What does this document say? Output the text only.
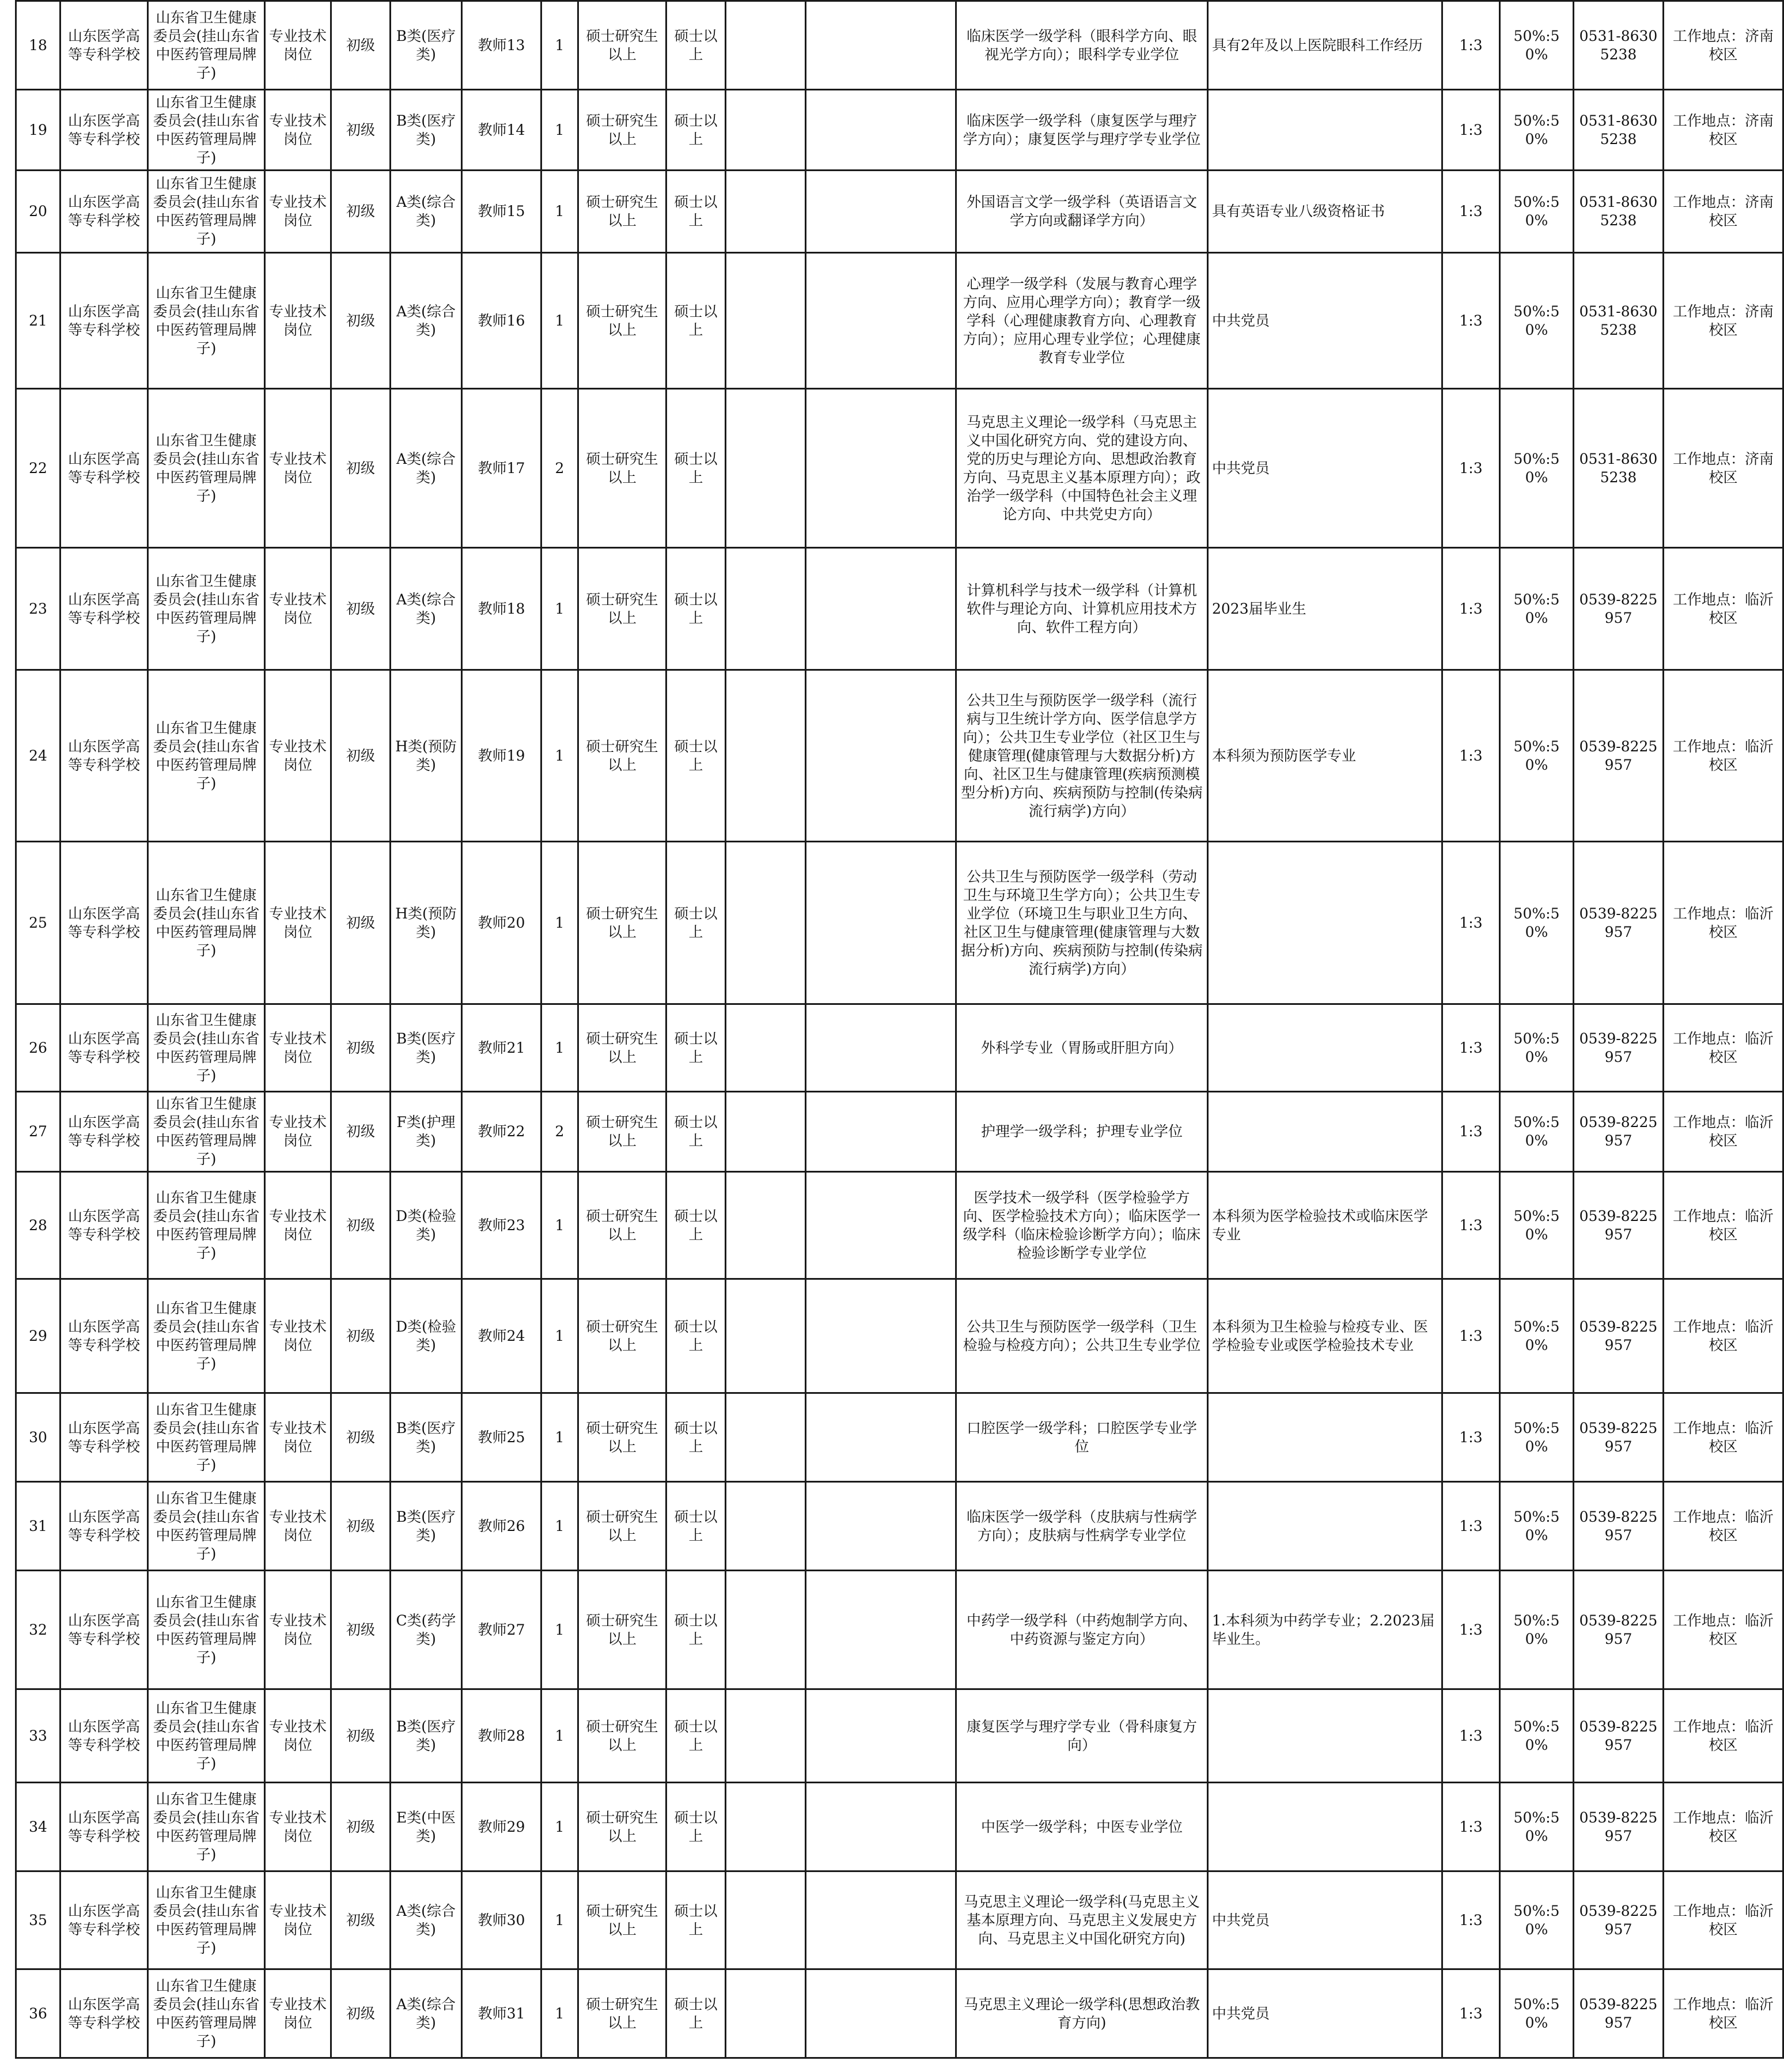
18	山东医学高等专科学校	山东省卫生健康委员会(挂山东省中医药管理局牌子)	专业技术岗位	初级	B类(医疗类)	教师13	1	硕士研究生以上	硕士以上			临床医学一级学科（眼科学方向、眼视光学方向）；眼科学专业学位	具有2年及以上医院眼科工作经历	1:3	50%:50%	0531-86305238	工作地点：济南校区
19	山东医学高等专科学校	山东省卫生健康委员会(挂山东省中医药管理局牌子)	专业技术岗位	初级	B类(医疗类)	教师14	1	硕士研究生以上	硕士以上			临床医学一级学科（康复医学与理疗学方向）；康复医学与理疗学专业学位		1:3	50%:50%	0531-86305238	工作地点：济南校区
20	山东医学高等专科学校	山东省卫生健康委员会(挂山东省中医药管理局牌子)	专业技术岗位	初级	A类(综合类)	教师15	1	硕士研究生以上	硕士以上			外国语言文学一级学科（英语语言文学方向或翻译学方向）	具有英语专业八级资格证书	1:3	50%:50%	0531-86305238	工作地点：济南校区
21	山东医学高等专科学校	山东省卫生健康委员会(挂山东省中医药管理局牌子)	专业技术岗位	初级	A类(综合类)	教师16	1	硕士研究生以上	硕士以上			心理学一级学科（发展与教育心理学方向、应用心理学方向）；教育学一级学科（心理健康教育方向、心理教育方向）；应用心理专业学位；心理健康教育专业学位	中共党员	1:3	50%:50%	0531-86305238	工作地点：济南校区
22	山东医学高等专科学校	山东省卫生健康委员会(挂山东省中医药管理局牌子)	专业技术岗位	初级	A类(综合类)	教师17	2	硕士研究生以上	硕士以上			马克思主义理论一级学科（马克思主义中国化研究方向、党的建设方向、党的历史与理论方向、思想政治教育方向、马克思主义基本原理方向）；政治学一级学科（中国特色社会主义理论方向、中共党史方向）	中共党员	1:3	50%:50%	0531-86305238	工作地点：济南校区
23	山东医学高等专科学校	山东省卫生健康委员会(挂山东省中医药管理局牌子)	专业技术岗位	初级	A类(综合类)	教师18	1	硕士研究生以上	硕士以上			计算机科学与技术一级学科（计算机软件与理论方向、计算机应用技术方向、软件工程方向）	2023届毕业生	1:3	50%:50%	0539-8225957	工作地点：临沂校区
24	山东医学高等专科学校	山东省卫生健康委员会(挂山东省中医药管理局牌子)	专业技术岗位	初级	H类(预防类)	教师19	1	硕士研究生以上	硕士以上			公共卫生与预防医学一级学科（流行病与卫生统计学方向、医学信息学方向）；公共卫生专业学位（社区卫生与健康管理(健康管理与大数据分析)方向、社区卫生与健康管理(疾病预测模型分析)方向、疾病预防与控制(传染病流行病学)方向）	本科须为预防医学专业	1:3	50%:50%	0539-8225957	工作地点：临沂校区
25	山东医学高等专科学校	山东省卫生健康委员会(挂山东省中医药管理局牌子)	专业技术岗位	初级	H类(预防类)	教师20	1	硕士研究生以上	硕士以上			公共卫生与预防医学一级学科（劳动卫生与环境卫生学方向）；公共卫生专业学位（环境卫生与职业卫生方向、社区卫生与健康管理(健康管理与大数据分析)方向、疾病预防与控制(传染病流行病学)方向）		1:3	50%:50%	0539-8225957	工作地点：临沂校区
26	山东医学高等专科学校	山东省卫生健康委员会(挂山东省中医药管理局牌子)	专业技术岗位	初级	B类(医疗类)	教师21	1	硕士研究生以上	硕士以上			外科学专业（胃肠或肝胆方向）		1:3	50%:50%	0539-8225957	工作地点：临沂校区
27	山东医学高等专科学校	山东省卫生健康委员会(挂山东省中医药管理局牌子)	专业技术岗位	初级	F类(护理类)	教师22	2	硕士研究生以上	硕士以上			护理学一级学科；护理专业学位		1:3	50%:50%	0539-8225957	工作地点：临沂校区
28	山东医学高等专科学校	山东省卫生健康委员会(挂山东省中医药管理局牌子)	专业技术岗位	初级	D类(检验类)	教师23	1	硕士研究生以上	硕士以上			医学技术一级学科（医学检验学方向、医学检验技术方向）；临床医学一级学科（临床检验诊断学方向）；临床检验诊断学专业学位	本科须为医学检验技术或临床医学专业	1:3	50%:50%	0539-8225957	工作地点：临沂校区
29	山东医学高等专科学校	山东省卫生健康委员会(挂山东省中医药管理局牌子)	专业技术岗位	初级	D类(检验类)	教师24	1	硕士研究生以上	硕士以上			公共卫生与预防医学一级学科（卫生检验与检疫方向）；公共卫生专业学位	本科须为卫生检验与检疫专业、医学检验专业或医学检验技术专业	1:3	50%:50%	0539-8225957	工作地点：临沂校区
30	山东医学高等专科学校	山东省卫生健康委员会(挂山东省中医药管理局牌子)	专业技术岗位	初级	B类(医疗类)	教师25	1	硕士研究生以上	硕士以上			口腔医学一级学科；口腔医学专业学位		1:3	50%:50%	0539-8225957	工作地点：临沂校区
31	山东医学高等专科学校	山东省卫生健康委员会(挂山东省中医药管理局牌子)	专业技术岗位	初级	B类(医疗类)	教师26	1	硕士研究生以上	硕士以上			临床医学一级学科（皮肤病与性病学方向）；皮肤病与性病学专业学位		1:3	50%:50%	0539-8225957	工作地点：临沂校区
32	山东医学高等专科学校	山东省卫生健康委员会(挂山东省中医药管理局牌子)	专业技术岗位	初级	C类(药学类)	教师27	1	硕士研究生以上	硕士以上			中药学一级学科（中药炮制学方向、中药资源与鉴定方向）	1.本科须为中药学专业；2.2023届毕业生。	1:3	50%:50%	0539-8225957	工作地点：临沂校区
33	山东医学高等专科学校	山东省卫生健康委员会(挂山东省中医药管理局牌子)	专业技术岗位	初级	B类(医疗类)	教师28	1	硕士研究生以上	硕士以上			康复医学与理疗学专业（骨科康复方向）		1:3	50%:50%	0539-8225957	工作地点：临沂校区
34	山东医学高等专科学校	山东省卫生健康委员会(挂山东省中医药管理局牌子)	专业技术岗位	初级	E类(中医类)	教师29	1	硕士研究生以上	硕士以上			中医学一级学科；中医专业学位		1:3	50%:50%	0539-8225957	工作地点：临沂校区
35	山东医学高等专科学校	山东省卫生健康委员会(挂山东省中医药管理局牌子)	专业技术岗位	初级	A类(综合类)	教师30	1	硕士研究生以上	硕士以上			马克思主义理论一级学科(马克思主义基本原理方向、马克思主义发展史方向、马克思主义中国化研究方向)	中共党员	1:3	50%:50%	0539-8225957	工作地点：临沂校区
36	山东医学高等专科学校	山东省卫生健康委员会(挂山东省中医药管理局牌子)	专业技术岗位	初级	A类(综合类)	教师31	1	硕士研究生以上	硕士以上			马克思主义理论一级学科(思想政治教育方向)	中共党员	1:3	50%:50%	0539-8225957	工作地点：临沂校区
